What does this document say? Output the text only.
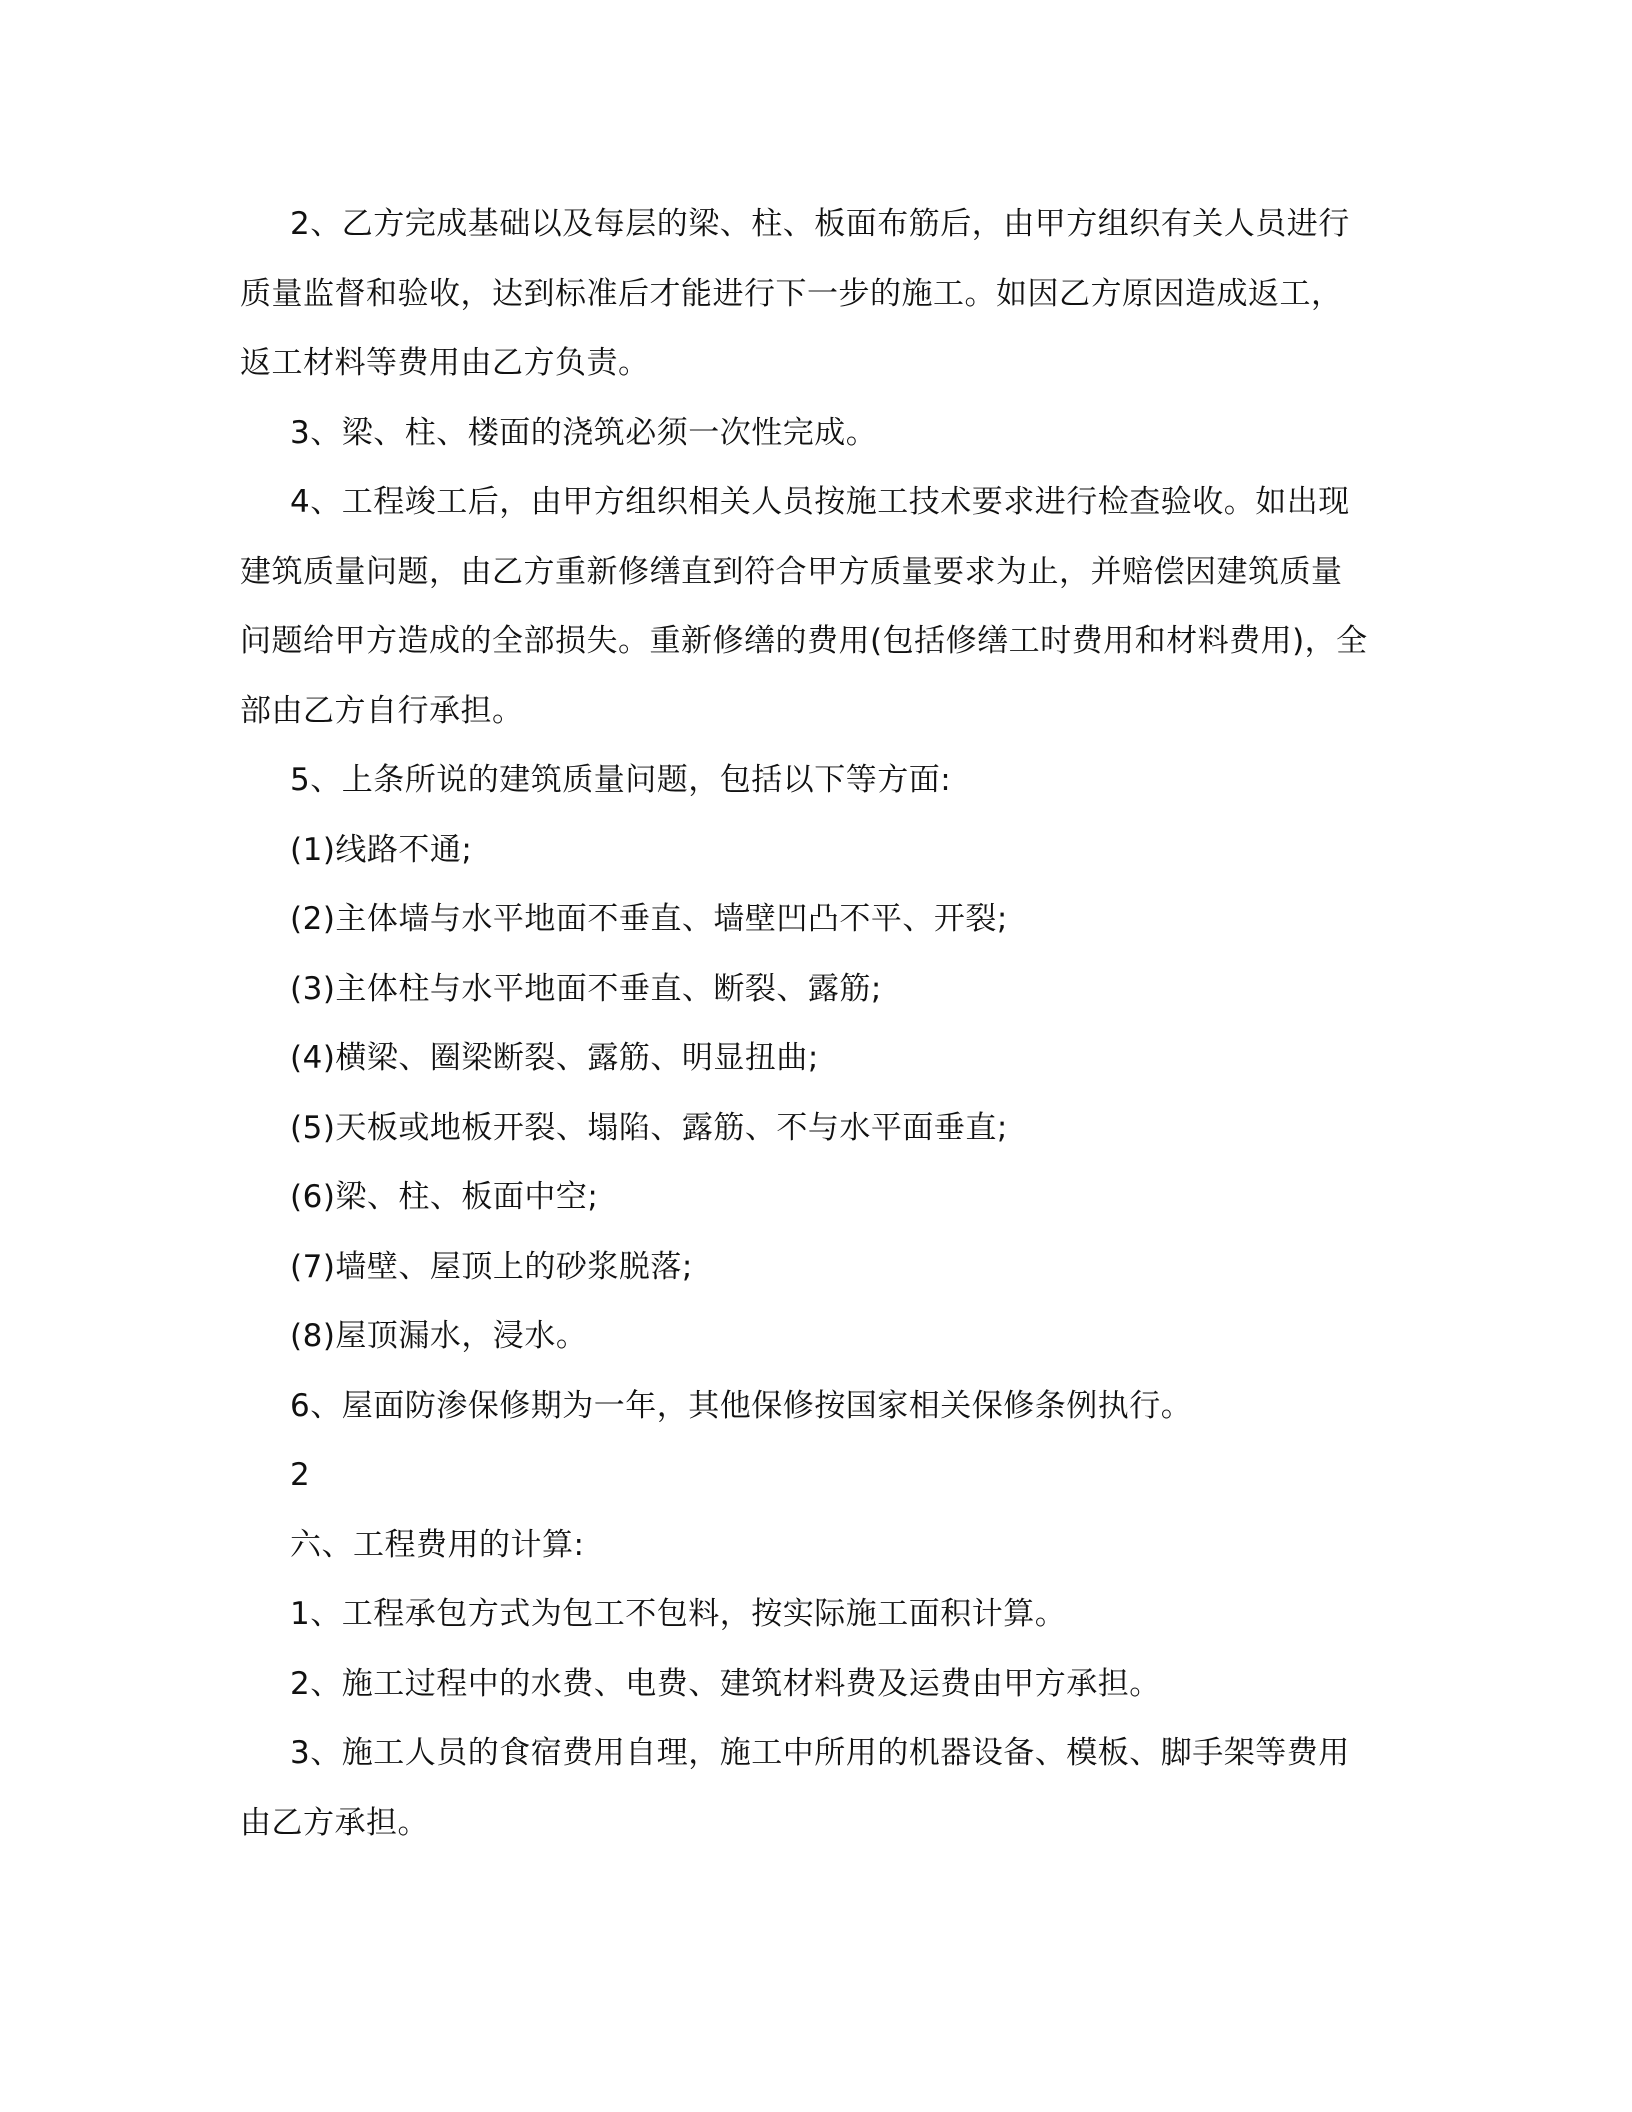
2、乙方完成基础以及每层的梁、柱、板面布筋后，由甲方组织有关人员进行
质量监督和验收，达到标准后才能进行下一步的施工。如因乙方原因造成返工，
返工材料等费用由乙方负责。
3、梁、柱、楼面的浇筑必须一次性完成。
4、工程竣工后，由甲方组织相关人员按施工技术要求进行检查验收。如出现
建筑质量问题，由乙方重新修缮直到符合甲方质量要求为止，并赔偿因建筑质量
问题给甲方造成的全部损失。重新修缮的费用(包括修缮工时费用和材料费用)，全
部由乙方自行承担。
5、上条所说的建筑质量问题，包括以下等方面:
(1)线路不通;
(2)主体墙与水平地面不垂直、墙壁凹凸不平、开裂;
(3)主体柱与水平地面不垂直、断裂、露筋;
(4)横梁、圈梁断裂、露筋、明显扭曲;
(5)天板或地板开裂、塌陷、露筋、不与水平面垂直;
(6)梁、柱、板面中空;
(7)墙壁、屋顶上的砂浆脱落;
(8)屋顶漏水，浸水。
6、屋面防渗保修期为一年，其他保修按国家相关保修条例执行。
2
六、工程费用的计算:
1、工程承包方式为包工不包料，按实际施工面积计算。
2、施工过程中的水费、电费、建筑材料费及运费由甲方承担。
3、施工人员的食宿费用自理，施工中所用的机器设备、模板、脚手架等费用
由乙方承担。
